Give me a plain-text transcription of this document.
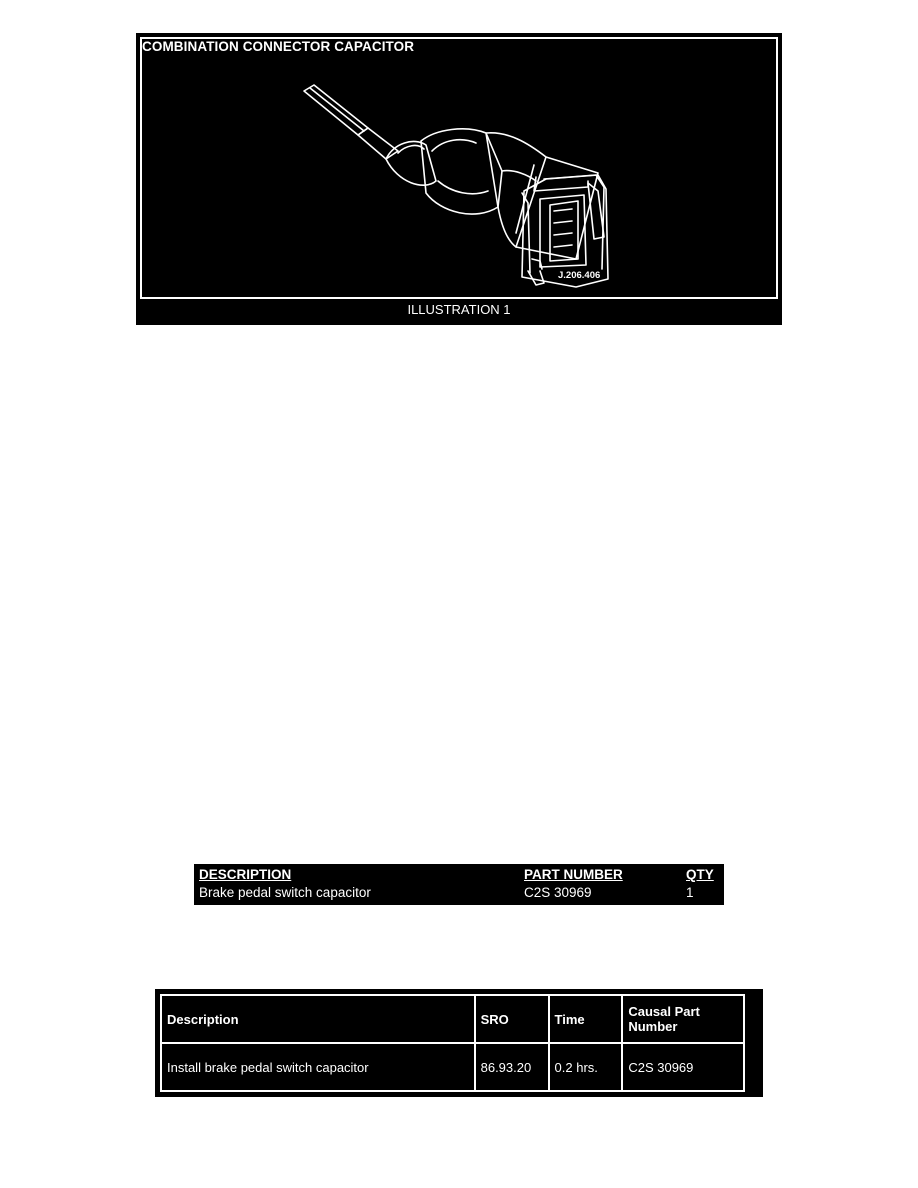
COMBINATION CONNECTOR CAPACITOR
J.206.406
ILLUSTRATION 1
DESCRIPTION	PART NUMBER	QTY
Brake pedal switch capacitor	C2S 30969	1
Description	SRO	Time	Causal Part Number
Install brake pedal switch capacitor	86.93.20	0.2 hrs.	C2S 30969
